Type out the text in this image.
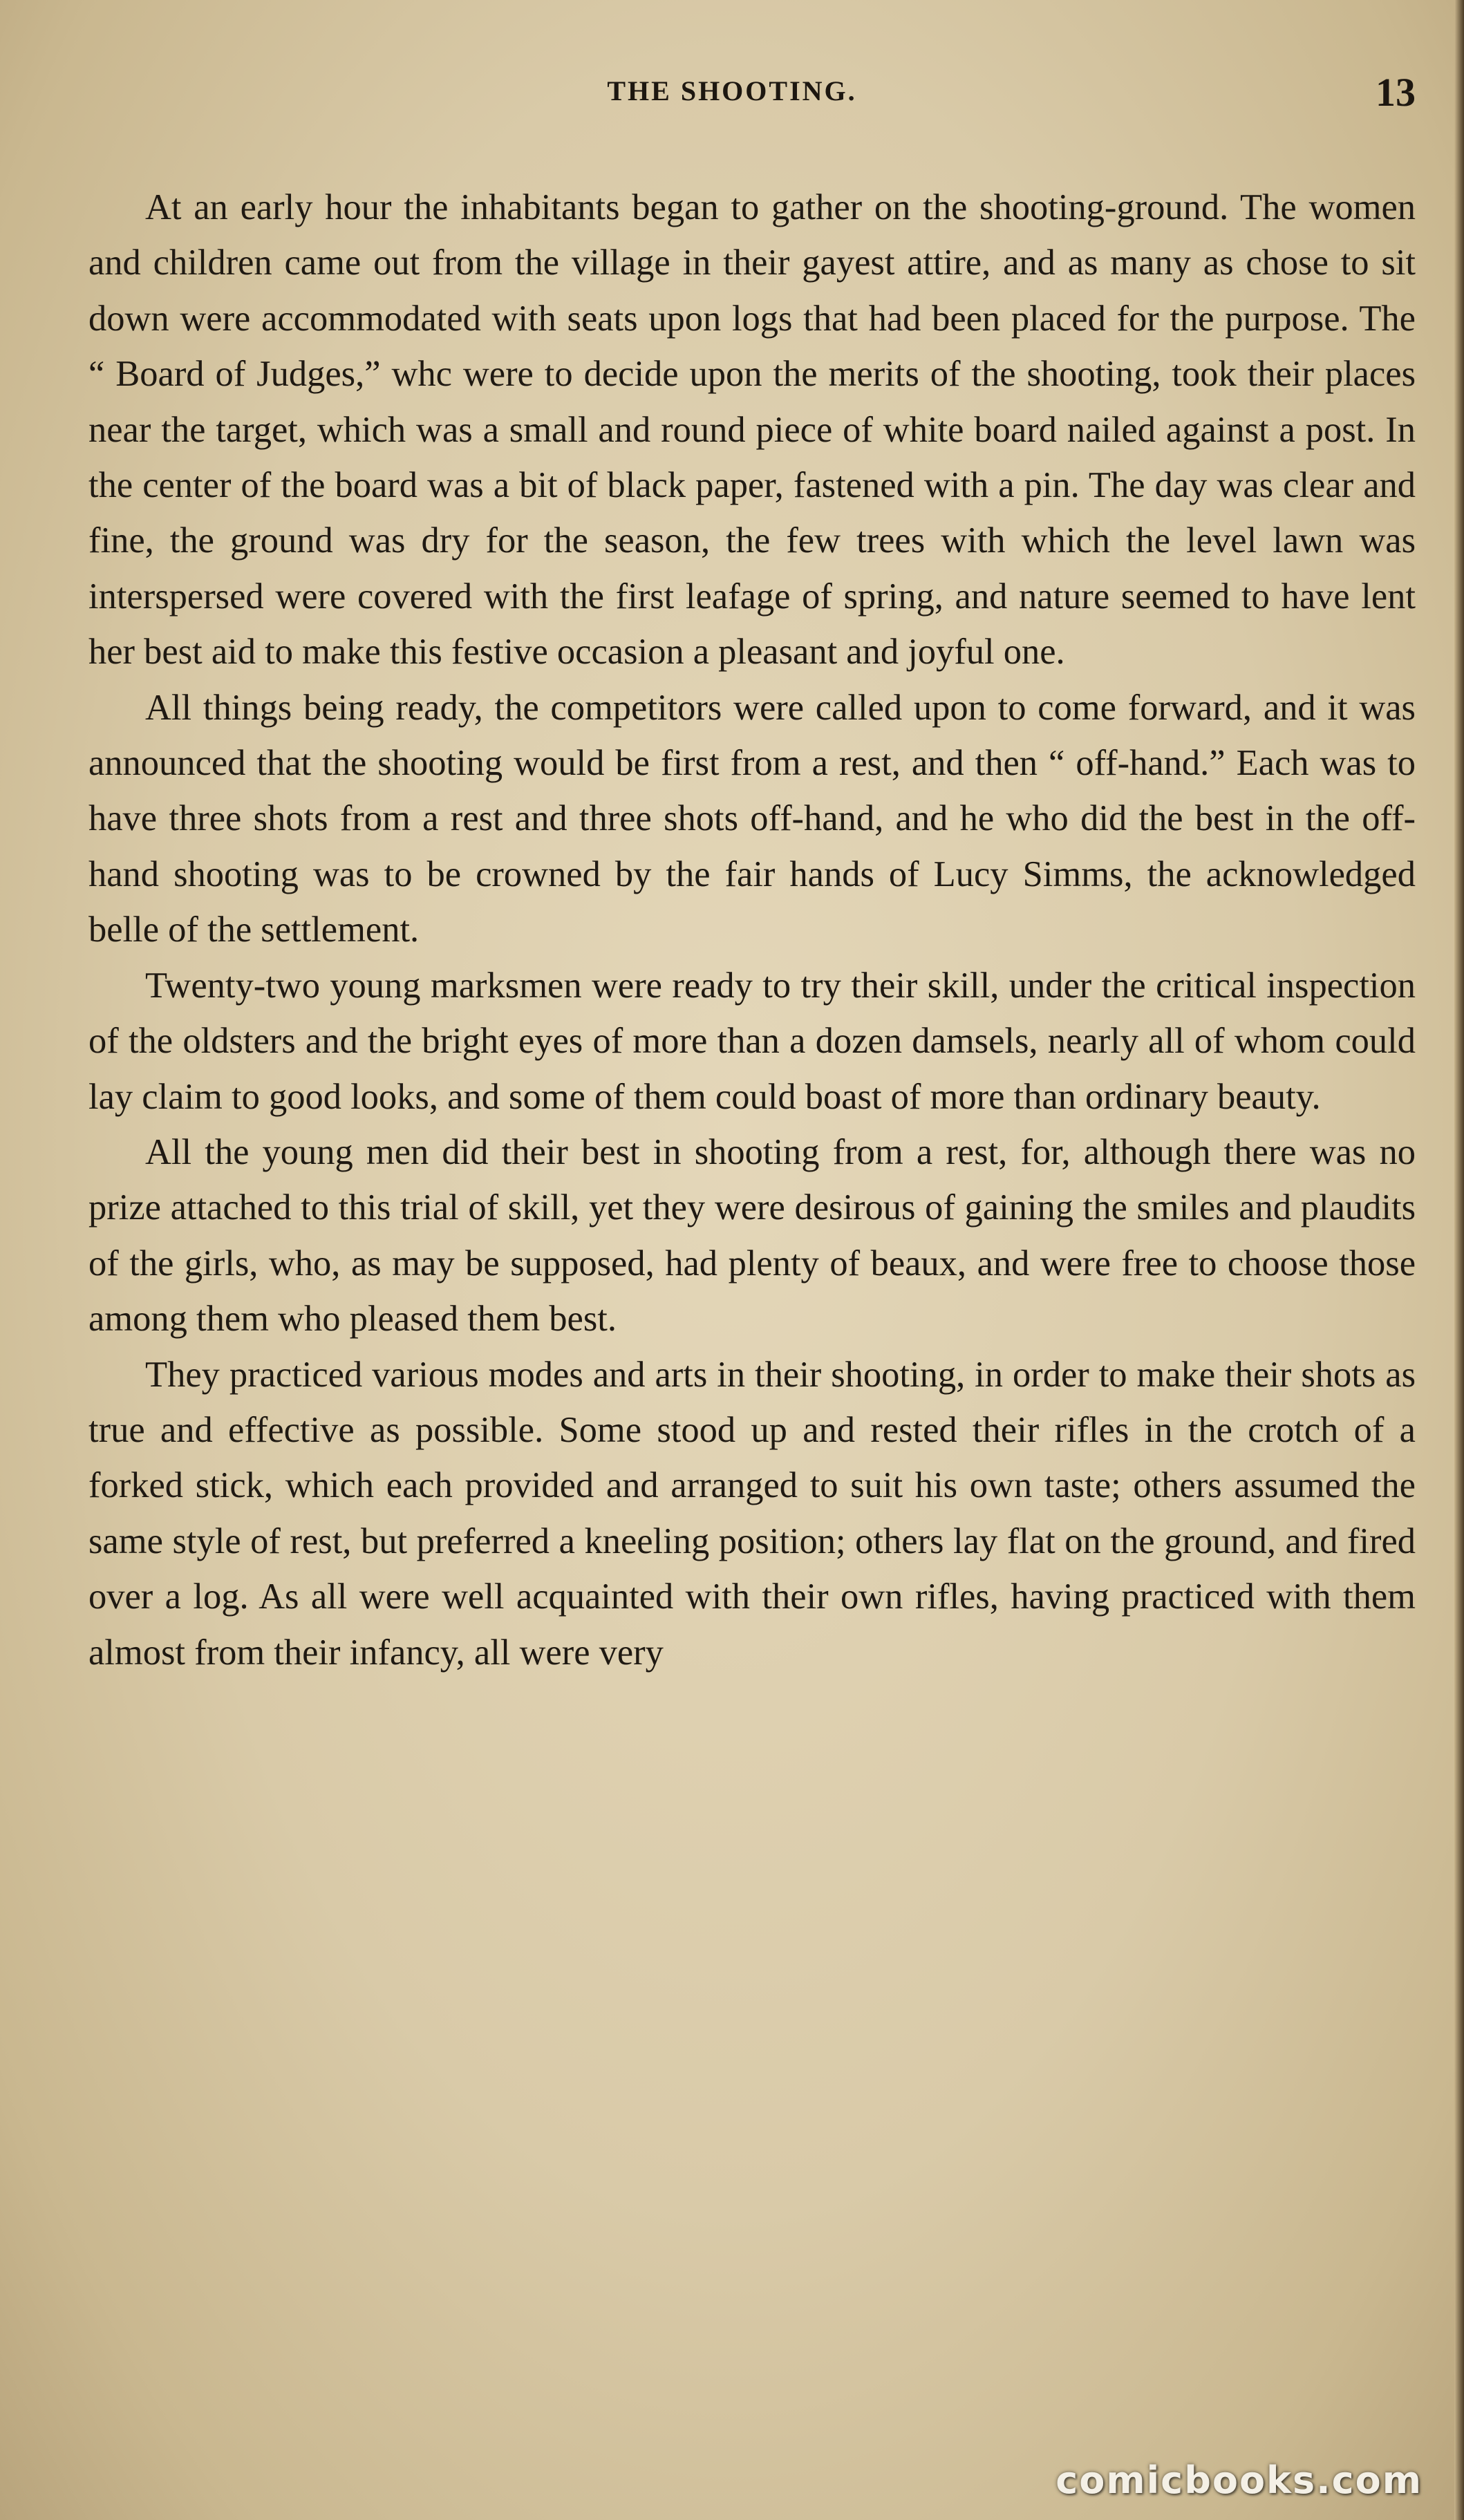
THE SHOOTING.	13

At an early hour the inhabitants began to gather on the shooting-ground. The women and children came out from the village in their gayest attire, and as many as chose to sit down were accommodated with seats upon logs that had been placed for the purpose. The “ Board of Judges,” whc were to decide upon the merits of the shooting, took their places near the target, which was a small and round piece of white board nailed against a post. In the center of the board was a bit of black paper, fastened with a pin. The day was clear and fine, the ground was dry for the season, the few trees with which the level lawn was interspersed were covered with the first leafage of spring, and nature seemed to have lent her best aid to make this festive occasion a pleasant and joyful one.

All things being ready, the competitors were called upon to come forward, and it was announced that the shooting would be first from a rest, and then “ off-hand.” Each was to have three shots from a rest and three shots off-hand, and he who did the best in the off-hand shooting was to be crowned by the fair hands of Lucy Simms, the acknowledged belle of the settlement.

Twenty-two young marksmen were ready to try their skill, under the critical inspection of the oldsters and the bright eyes of more than a dozen damsels, nearly all of whom could lay claim to good looks, and some of them could boast of more than ordinary beauty.

All the young men did their best in shooting from a rest, for, although there was no prize attached to this trial of skill, yet they were desirous of gaining the smiles and plaudits of the girls, who, as may be supposed, had plenty of beaux, and were free to choose those among them who pleased them best.

They practiced various modes and arts in their shooting, in order to make their shots as true and effective as possible. Some stood up and rested their rifles in the crotch of a forked stick, which each provided and arranged to suit his own taste; others assumed the same style of rest, but preferred a kneeling position; others lay flat on the ground, and fired over a log. As all were well acquainted with their own rifles, having practiced with them almost from their infancy, all were very

comicbooks.com
